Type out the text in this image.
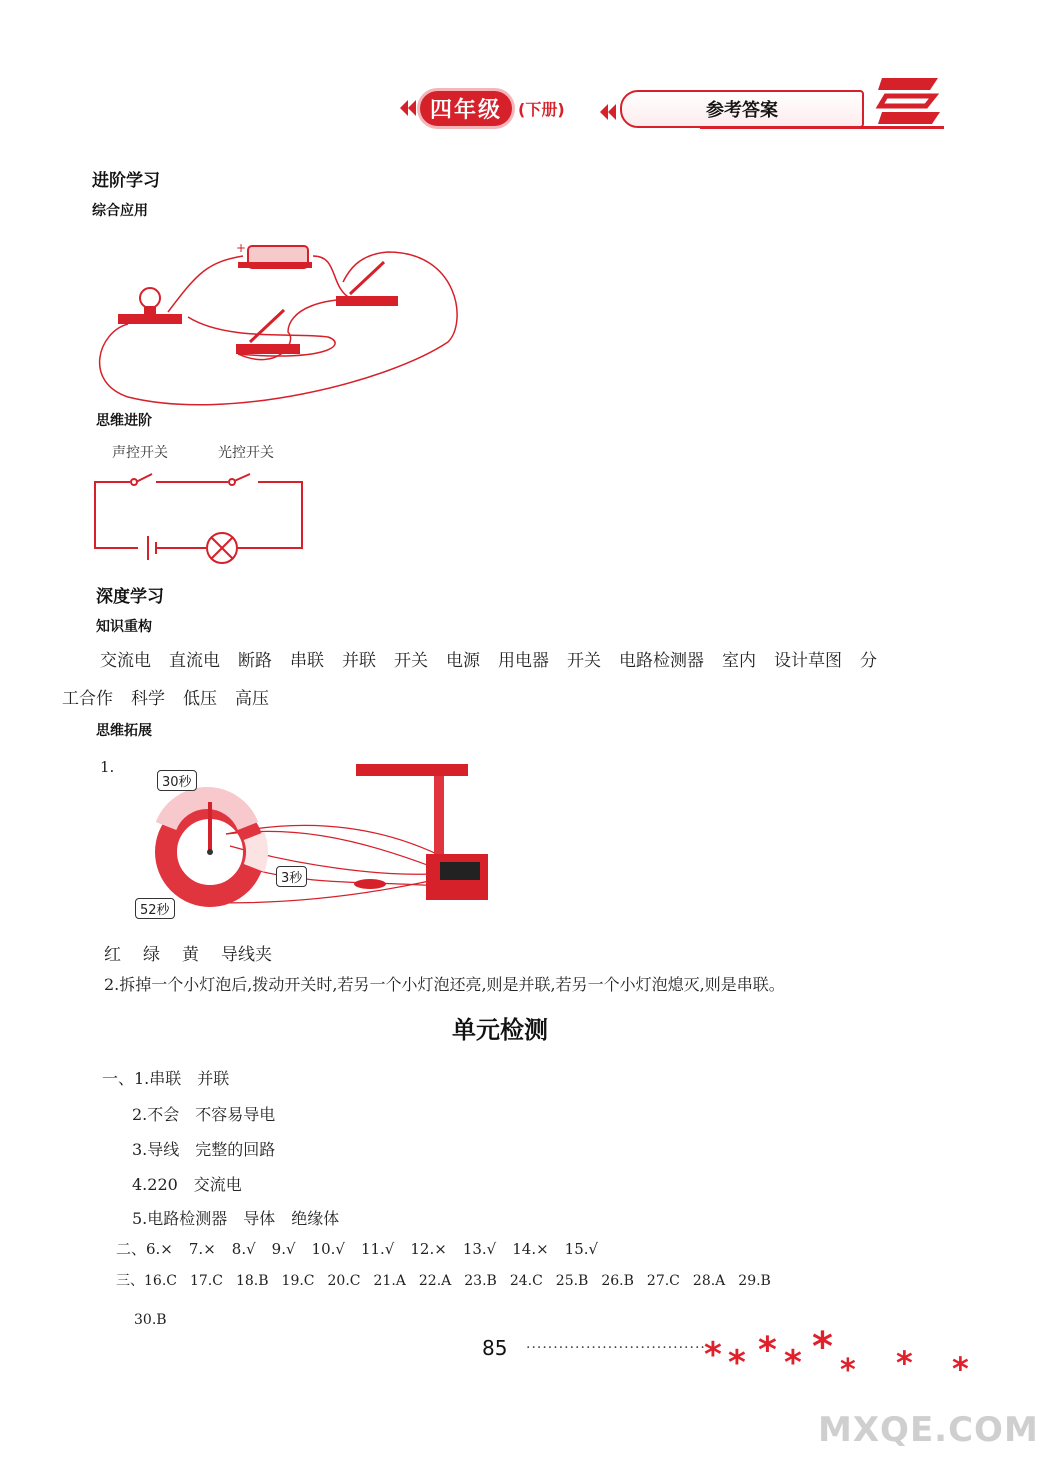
四年级	(下册)	参考答案
进阶学习
综合应用
+
思维进阶
声控开关	光控开关
深度学习
知识重构
交流电 直流电 断路 串联 并联 开关 电源 用电器 开关 电路检测器 室内 设计草图 分
工合作 科学 低压 高压
思维拓展
1.
30秒
3秒
52秒
红 绿 黄 导线夹
2.拆掉一个小灯泡后,拨动开关时,若另一个小灯泡还亮,则是并联,若另一个小灯泡熄灭,则是串联。
单元检测
一、1.串联　并联
2.不会　不容易导电
3.导线　完整的回路
4.220　交流电
5.电路检测器　导体　绝缘体
二、6.× 7.× 8.√ 9.√ 10.√ 11.√ 12.× 13.√ 14.× 15.√
三、16.C 17.C 18.B 19.C 20.C 21.A 22.A 23.B 24.C 25.B 26.B 27.C 28.A 29.B
30.B
85 ·································
* * * * *
* * *
MXQE.COM
